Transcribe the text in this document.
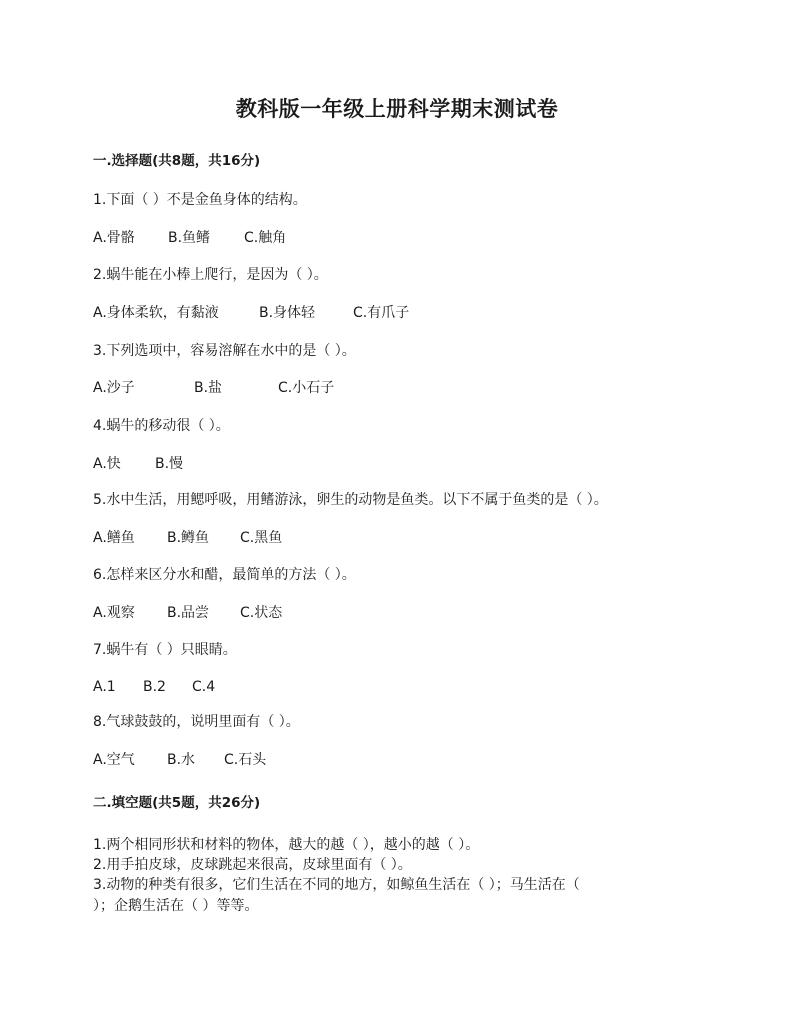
教科版一年级上册科学期末测试卷
一.选择题(共8题，共16分)
1.下面（ ）不是金鱼身体的结构。
A.骨骼 B.鱼鳍 C.触角
2.蜗牛能在小棒上爬行，是因为（ ）。
A.身体柔软，有黏液	B.身体轻	C.有爪子
3.下列选项中，容易溶解在水中的是（ ）。
A.沙子	B.盐	C.小石子
4.蜗牛的移动很（ ）。
A.快 B.慢
5.水中生活，用鳃呼吸，用鳍游泳，卵生的动物是鱼类。以下不属于鱼类的是（ ）。
A.鳝鱼 B.鳟鱼 C.黑鱼
6.怎样来区分水和醋，最简单的方法（ ）。
A.观察 B.品尝 C.状态
7.蜗牛有（ ）只眼睛。
A.1 B.2 C.4
8.气球鼓鼓的，说明里面有（ ）。
A.空气 B.水 C.石头
二.填空题(共5题，共26分)
1.两个相同形状和材料的物体，越大的越（ ），越小的越（ ）。
2.用手拍皮球，皮球跳起来很高，皮球里面有（ ）。
3.动物的种类有很多，它们生活在不同的地方，如鲸鱼生活在（ ）；马生活在（
）；企鹅生活在（ ）等等。
